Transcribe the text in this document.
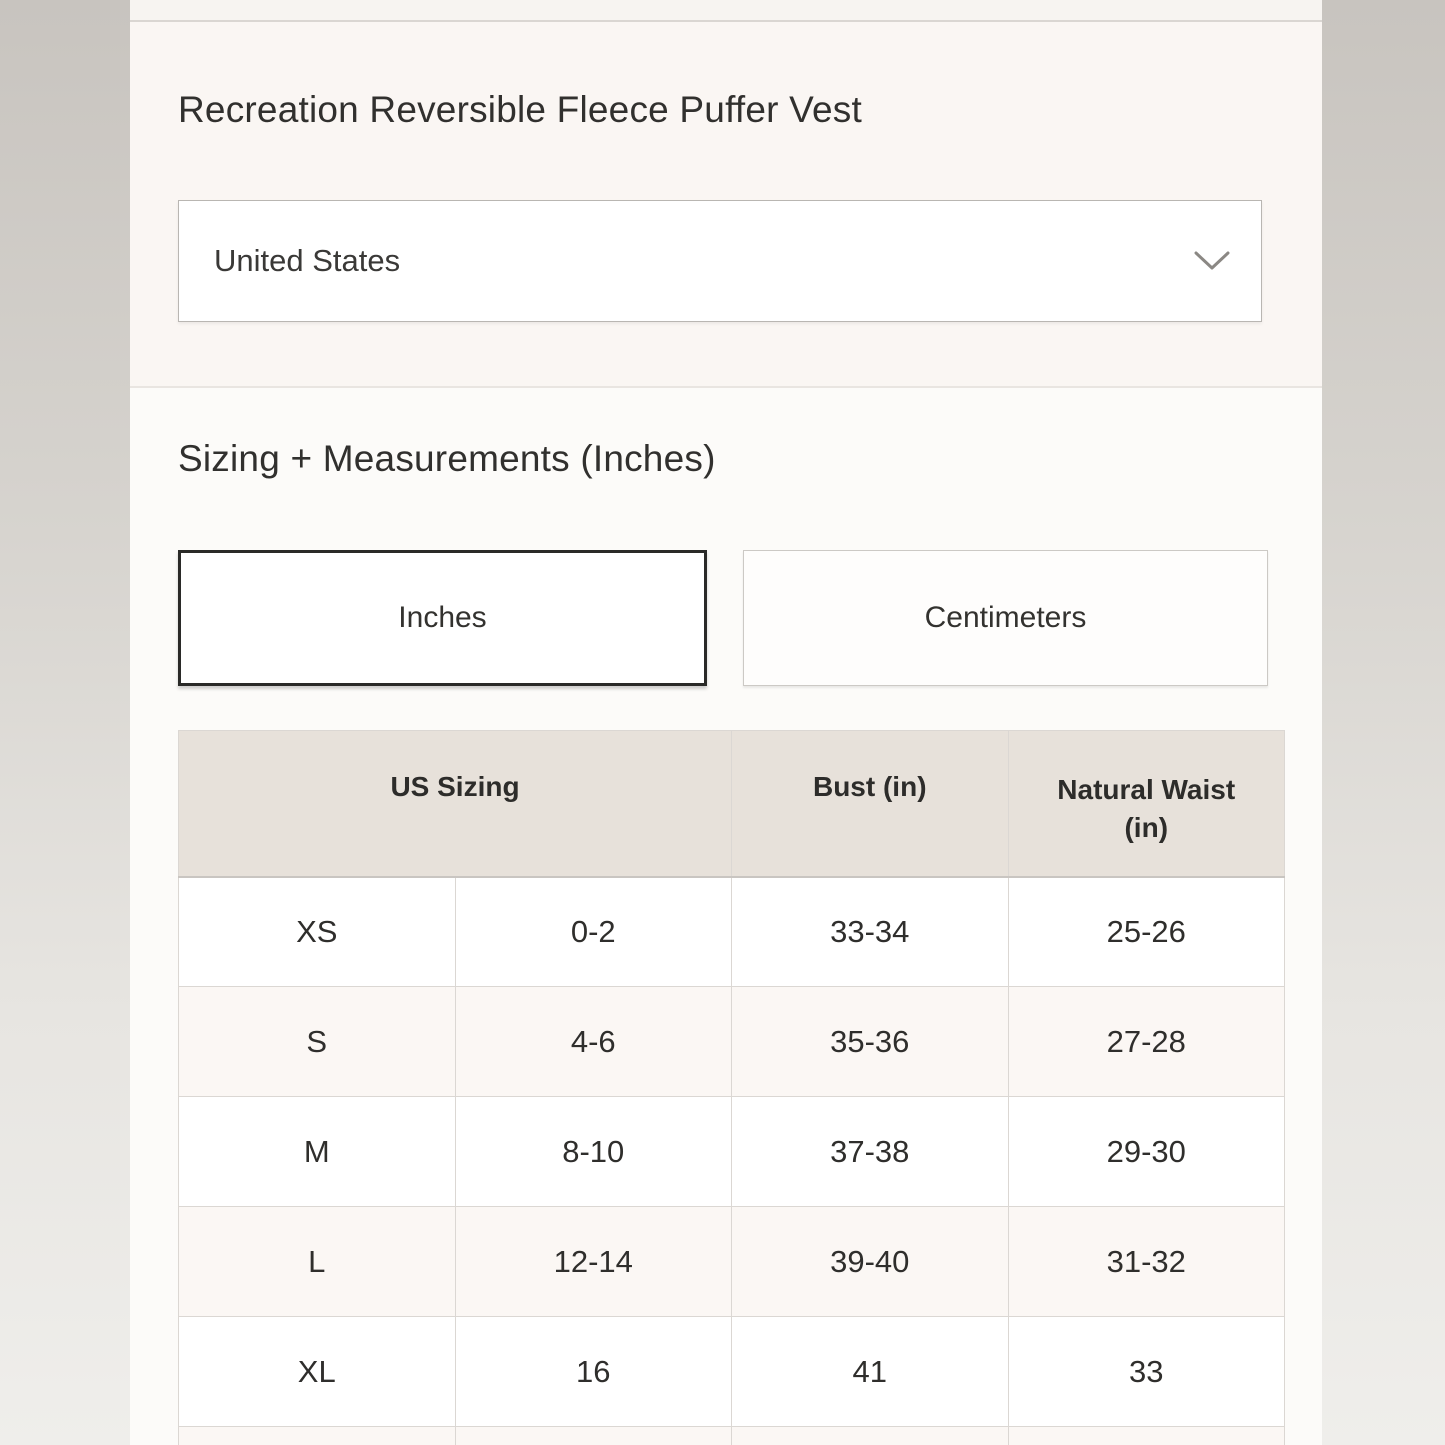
Recreation Reversible Fleece Puffer Vest
United States
Sizing + Measurements (Inches)
Inches	Centimeters
US Sizing		Bust (in)	Natural Waist (in)
XS	0-2	33-34	25-26
S	4-6	35-36	27-28
M	8-10	37-38	29-30
L	12-14	39-40	31-32
XL	16	41	33
